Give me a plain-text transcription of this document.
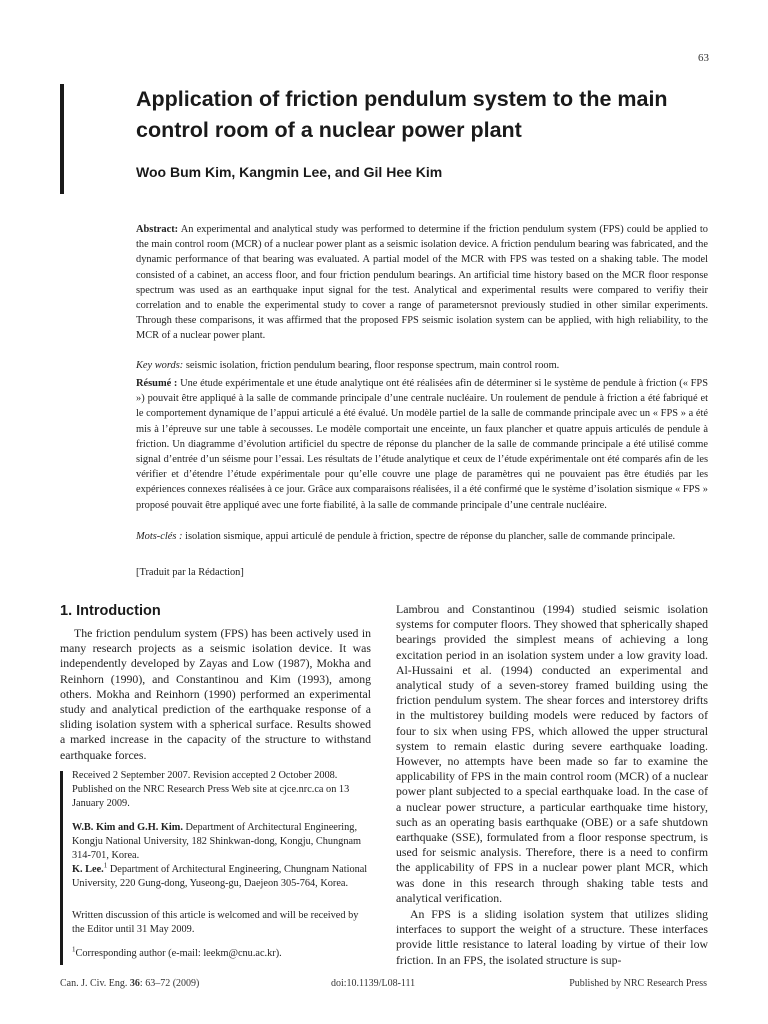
63
Application of friction pendulum system to the main control room of a nuclear power plant
Woo Bum Kim, Kangmin Lee, and Gil Hee Kim

Abstract: An experimental and analytical study was performed to determine if the friction pendulum system (FPS) could be applied to the main control room (MCR) of a nuclear power plant as a seismic isolation device. A friction pendulum bearing was fabricated, and the dynamic performance of that bearing was evaluated. A partial model of the MCR with FPS was tested on a shaking table. The model consisted of a cabinet, an access floor, and four friction pendulum bearings. An artificial time history based on the MCR floor response spectrum was used as an earthquake input signal for the test. Analytical and experimental results were compared to verifiy their correlation and to enable the experimental study to cover a range of parametersnot previously studied in other similar experiments. Through these comparisons, it was affirmed that the proposed FPS seismic isolation system can be applied, with high reliability, to the MCR of a nuclear power plant.

Key words: seismic isolation, friction pendulum bearing, floor response spectrum, main control room.

Résumé : Une étude expérimentale et une étude analytique ont été réalisées afin de déterminer si le système de pendule à friction (« FPS ») pouvait être appliqué à la salle de commande principale d’une centrale nucléaire. Un roulement de pendule à friction a été fabriqué et le comportement dynamique de l’appui articulé a été évalué. Un modèle partiel de la salle de commande principale avec un « FPS » a été mis à l’épreuve sur une table à secousses. Le modèle comportait une enceinte, un faux plancher et quatre appuis articulés de pendule à friction. Un diagramme d’évolution artificiel du spectre de réponse du plancher de la salle de commande principale a été utilisé comme signal d’entrée d’un séisme pour l’essai. Les résultats de l’étude analytique et ceux de l’étude expérimentale ont été comparés afin de les vérifier et d’étendre l’étude expérimentale pour qu’elle couvre une plage de paramètres qui ne pouvaient pas être étudiés par les expériences connexes réalisées à ce jour. Grâce aux comparaisons réalisées, il a été confirmé que le système d’isolation sismique « FPS » proposé pouvait être appliqué avec une forte fiabilité, à la salle de commande principale d’une centrale nucléaire.

Mots-clés : isolation sismique, appui articulé de pendule à friction, spectre de réponse du plancher, salle de commande principale.

[Traduit par la Rédaction]

1. Introduction

The friction pendulum system (FPS) has been actively used in many research projects as a seismic isolation device. It was independently developed by Zayas and Low (1987), Mokha and Reinhorn (1990), and Constantinou and Kim (1993), among others. Mokha and Reinhorn (1990) performed an experimental study and analytical prediction of the earthquake response of a sliding isolation system with a spherical surface. Results showed a marked increase in the capacity of the structure to withstand earthquake forces.

Lambrou and Constantinou (1994) studied seismic isolation systems for computer floors. They showed that spherically shaped bearings provided the simplest means of achieving a long excitation period in an isolation system under a low gravity load. Al-Hussaini et al. (1994) conducted an experimental and analytical study of a seven-storey framed building using the friction pendulum system. The shear forces and interstorey drifts in the multistorey building models were reduced by factors of four to six when using FPS, which allowed the upper structural system to remain elastic during severe earthquake loading. However, no attempts have been made so far to examine the applicability of FPS in the main control room (MCR) of a nuclear power plant subjected to a special earthquake load. In the case of a nuclear power structure, a particular earthquake time history, such as an operating basis earthquake (OBE) or a safe shutdown earthquake (SSE), formulated from a floor response spectrum, is used for seismic analysis. Therefore, there is a need to confirm the applicability of FPS in a nuclear power plant MCR, which was done in this research through shaking table tests and analytical verification.

An FPS is a sliding isolation system that utilizes sliding interfaces to support the weight of a structure. These interfaces provide little resistance to lateral loading by virtue of their low friction. In an FPS, the isolated structure is sup-

Received 2 September 2007. Revision accepted 2 October 2008. Published on the NRC Research Press Web site at cjce.nrc.ca on 13 January 2009.

W.B. Kim and G.H. Kim. Department of Architectural Engineering, Kongju National University, 182 Shinkwan-dong, Kongju, Chungnam 314-701, Korea.

K. Lee.$^1$ Department of Architectural Engineering, Chungnam National University, 220 Gung-dong, Yuseong-gu, Daejeon 305-764, Korea.

Written discussion of this article is welcomed and will be received by the Editor until 31 May 2009.

$^1$Corresponding author (e-mail: leekm@cnu.ac.kr).

Can. J. Civ. Eng. 36: 63–72 (2009)	doi:10.1139/L08-111	Published by NRC Research Press
